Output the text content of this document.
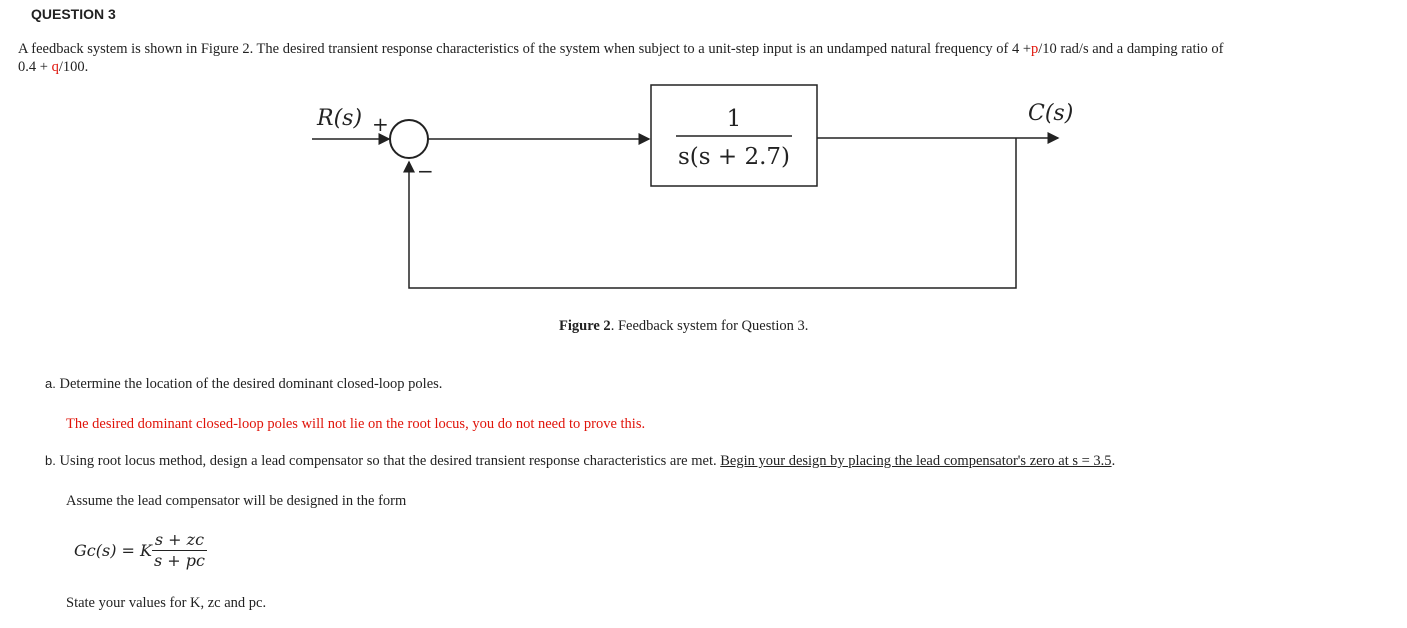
QUESTION 3
A feedback system is shown in Figure 2. The desired transient response characteristics of the system when subject to a unit-step input is an undamped natural frequency of 4 +p/10 rad/s and a damping ratio of
0.4 + q/100.
1
s(s + 2.7)
R(s) +
−
C(s)
Figure 2. Feedback system for Question 3.
a. Determine the location of the desired dominant closed-loop poles.
The desired dominant closed-loop poles will not lie on the root locus, you do not need to prove this.
b. Using root locus method, design a lead compensator so that the desired transient response characteristics are met. Begin your design by placing the lead compensator's zero at s = 3.5.
Assume the lead compensator will be designed in the form
Gc(s) = K $\frac{s + zc}{s + pc}$
State your values for K, zc and pc.
